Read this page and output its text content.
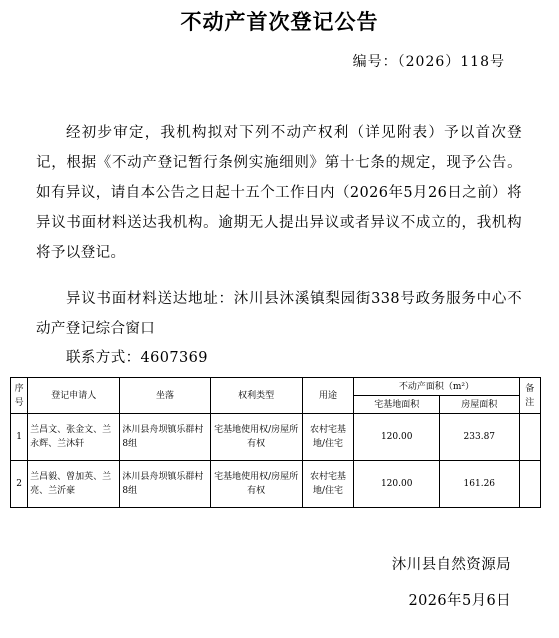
不动产首次登记公告
编号：（2026）118号
经初步审定，我机构拟对下列不动产权利（详见附表）予以首次登记，根据《不动产登记暂行条例实施细则》第十七条的规定，现予公告。如有异议，请自本公告之日起十五个工作日内（2026年5月26日之前）将异议书面材料送达我机构。逾期无人提出异议或者异议不成立的，我机构将予以登记。
异议书面材料送达地址：沐川县沐溪镇梨园街338号政务服务中心不动产登记综合窗口
联系方式：4607369
序号	登记申请人	坐落	权利类型	用途	不动产面积（m²）		备注
					宅基地面积	房屋面积	
1	兰昌文、张金文、兰永辉、兰沐轩	沐川县舟坝镇乐群村8组	宅基地使用权/房屋所有权	农村宅基地/住宅	120.00	233.87	
2	兰昌毅、曾加英、兰亮、兰沂豪	沐川县舟坝镇乐群村8组	宅基地使用权/房屋所有权	农村宅基地/住宅	120.00	161.26	
沐川县自然资源局
2026年5月6日
